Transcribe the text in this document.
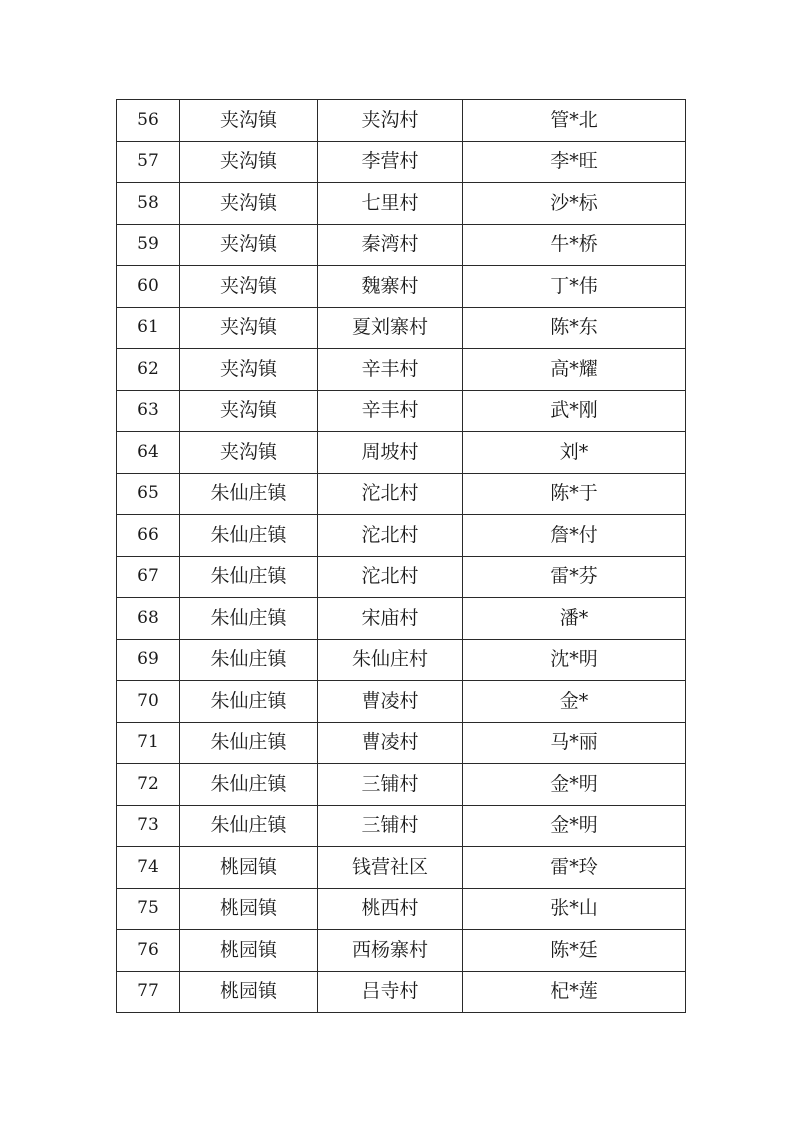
56	夹沟镇	夹沟村	管*北
57	夹沟镇	李营村	李*旺
58	夹沟镇	七里村	沙*标
59	夹沟镇	秦湾村	牛*桥
60	夹沟镇	魏寨村	丁*伟
61	夹沟镇	夏刘寨村	陈*东
62	夹沟镇	辛丰村	高*耀
63	夹沟镇	辛丰村	武*刚
64	夹沟镇	周坡村	刘*
65	朱仙庄镇	沱北村	陈*于
66	朱仙庄镇	沱北村	詹*付
67	朱仙庄镇	沱北村	雷*芬
68	朱仙庄镇	宋庙村	潘*
69	朱仙庄镇	朱仙庄村	沈*明
70	朱仙庄镇	曹凌村	金*
71	朱仙庄镇	曹凌村	马*丽
72	朱仙庄镇	三铺村	金*明
73	朱仙庄镇	三铺村	金*明
74	桃园镇	钱营社区	雷*玲
75	桃园镇	桃西村	张*山
76	桃园镇	西杨寨村	陈*廷
77	桃园镇	吕寺村	杞*莲
